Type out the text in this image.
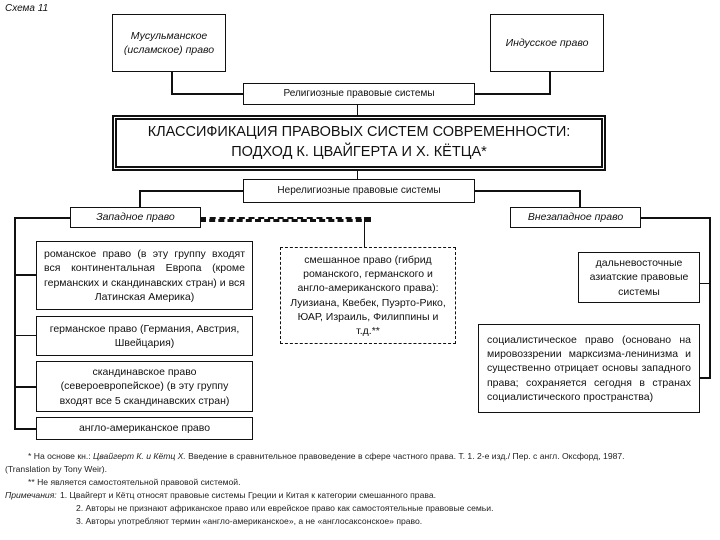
Схема 11
Мусульманское (исламское) право
Индусское право
Религиозные правовые системы
КЛАССИФИКАЦИЯ ПРАВОВЫХ СИСТЕМ СОВРЕМЕННОСТИ:
ПОДХОД К. ЦВАЙГЕРТА И Х. КЁТЦА*
Нерелигиозные правовые системы
Западное право	Внезападное право
романское право (в эту группу входят вся континентальная Европа (кроме германских и скандинавских стран) и вся Латинская Америка)
германское право (Германия, Австрия, Швейцария)
скандинавское право (североевропейское) (в эту группу входят все 5 скандинавских стран)
англо-американское право
смешанное право (гибрид романского, германского и англо-американского права): Луизиана, Квебек, Пуэрто-Рико, ЮАР, Израиль, Филиппины и т.д.**
дальневосточные азиатские правовые системы
социалистическое право (основано на мировоззрении марксизма-ленинизма и существенно отрицает основы западного права; сохраняется сегодня в странах социалистического пространства)
* На основе кн.: Цвайгерт К. и Кётц Х. Введение в сравнительное правоведение в сфере частного права. Т. 1. 2-е изд./ Пер. с англ. Оксфорд, 1987.
(Translation by Tony Weir).
** Не является самостоятельной правовой системой.
Примечания: 1. Цвайгерт и Кётц относят правовые системы Греции и Китая к категории смешанного права.
2. Авторы не признают африканское право или еврейское право как самостоятельные правовые семьи.
3. Авторы употребляют термин «англо-американское», а не «англосаксонское» право.
